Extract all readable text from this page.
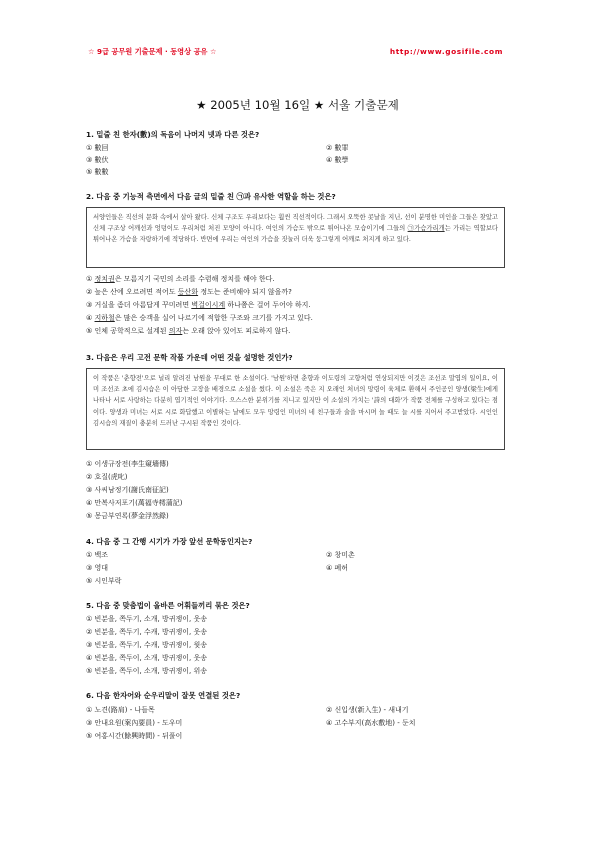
☆ 9급 공무원 기출문제 · 동영상 공유 ☆	http://www.gosifile.com
★ 2005년 10월 16일 ★ 서울 기출문제
1. 밑줄 친 한자(數)의 독음이 나머지 넷과 다른 것은?
① 數回	② 數罪
③ 數伏	④ 數學
⑤ 數數
2. 다음 중 기능적 측면에서 다음 글의 밑줄 친 ㉠과 유사한 역할을 하는 것은?
서양인들은 직선의 문화 속에서 살아 왔다. 신체 구조도 우리보다는 훨씬 직선적이다. 그래서 오뚝한 콧날을 지닌, 선이 분명한 미인을 그들은 찾았고 신체 구조상 어깨선과 엉덩이도 우리처럼 처진 모양이 아니다. 여인의 가슴도 밖으로 튀어나온 모습이기에 그들의 ㉠가슴가리개는 가리는 역할보다 튀어나온 가슴을 자랑하기에 적당하다. 반면에 우리는 여인의 가슴을 짓눌러 더욱 둥그렇게 어깨로 처지게 하고 있다.
① 정치권은 모름지기 국민의 소리를 수렴해 정치를 해야 한다.
② 높은 산에 오르려면 적어도 등산화 정도는 준비해야 되지 않을까?
③ 거실을 좀더 아름답게 꾸미려면 벽걸이시계 하나쯤은 걸어 두어야 하지.
④ 지하철은 많은 승객을 실어 나르기에 적합한 구조와 크기를 가지고 있다.
⑤ 인체 공학적으로 설계된 의자는 오래 앉아 있어도 피로하지 않다.
3. 다음은 우리 고전 문학 작품 가운데 어떤 것을 설명한 것인가?
이 작품은 '춘향전'으로 널리 알려진 남원을 무대로 한 소설이다. '남원'하면 춘향과 이도령의 고향처럼 연상되지만 이것은 조선조 말엽의 일이요, 이미 조선조 초에 김시습은 이 아담한 고장을 배경으로 소설을 썼다. 이 소설은 죽은 지 오래인 처녀의 망령이 육체로 환해서 주인공인 양생(梁生)에게 나타나 서로 사랑하는 다분히 엽기적인 이야기다. 으스스한 분위기를 지니고 있지만 이 소설의 가치는 '詩의 대화'가 작품 전체를 구성하고 있다는 점이다. 양생과 미녀는 서로 시로 화답했고 이별하는 날에도 모두 망령인 미녀의 네 친구들과 술을 마시며 놀 때도 늘 시를 지어서 주고받았다. 시인인 김시습의 재질이 충분히 드러난 구시된 작품인 것이다.
① 이생규장전(李生窺墻傳)
② 호질(虎叱)
③ 사씨남정기(謝氏南征記)
④ 만복사저포기(萬福寺樗蒲記)
⑤ 몽금부연록(夢金浮然錄)
4. 다음 중 그 간행 시기가 가장 앞선 문학동인지는?
① 백조	② 창미촌
③ 영대	④ 폐허
⑤ 시인부락
5. 다음 중 맞춤법이 올바른 어휘들끼리 묶은 것은?
① 빈분을, 쪽두기, 소개, 방귀쟁이, 웃송
② 빈분을, 쪽두기, 수캐, 방귀쟁이, 웃송
③ 빈분을, 쪽두기, 수캐, 방귀쟁이, 윗송
④ 빈분을, 쪽두이, 소개, 방귀쟁이, 웃송
⑤ 빈분을, 쪽두이, 소개, 방귀쟁이, 위송
6. 다음 한자어와 순우리말이 잘못 연결된 것은?
① 노견(路肩) - 나들목	② 신입생(新入生) - 새내기
③ 안내요원(案內要員) - 도우미	④ 고수부지(高水敷地) - 둔치
⑤ 여홍시간(餘興時間) - 뒤풀이
